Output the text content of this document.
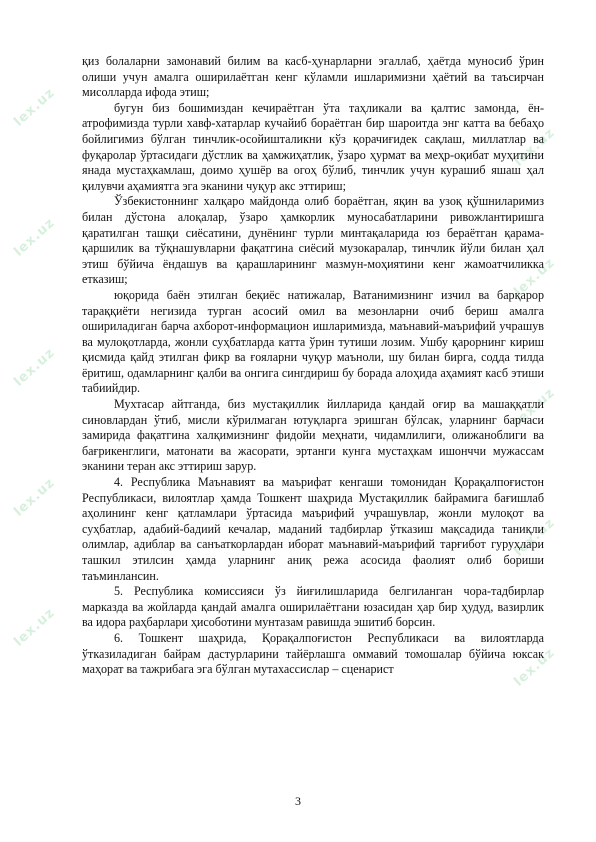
lex.uz
lex.uz
lex.uz
lex.uz
lex.uz
lex.uz
lex.uz
lex.uz
lex.uz
lex.uz

қиз болаларни замонавий билим ва касб-ҳунарларни эгаллаб, ҳаётда муносиб ўрин олиши учун амалга оширилаётган кенг кўламли ишларимизни ҳаётий ва таъсирчан мисолларда ифода этиш;

бугун биз бошимиздан кечираётган ўта таҳликали ва қалтис замонда, ён-атрофимизда турли хавф-хатарлар кучайиб бораётган бир шароитда энг катта ва бебаҳо бойлигимиз бўлган тинчлик-осойишталикни кўз қорачиғидек сақлаш, миллатлар ва фуқаролар ўртасидаги дўстлик ва ҳамжиҳатлик, ўзаро ҳурмат ва меҳр-оқибат муҳитини янада мустаҳкамлаш, доимо ҳушёр ва огоҳ бўлиб, тинчлик учун курашиб яшаш ҳал қилувчи аҳамиятга эга эканини чуқур акс эттириш;

Ўзбекистоннинг халқаро майдонда олиб бораётган, яқин ва узоқ қўшниларимиз билан дўстона алоқалар, ўзаро ҳамкорлик муносабатларини ривожлантиришга қаратилган ташқи сиёсатини, дунёнинг турли минтақаларида юз бераётган қарама-қаршилик ва тўқнашувларни фақатгина сиёсий музокаралар, тинчлик йўли билан ҳал этиш бўйича ёндашув ва қарашларининг мазмун-моҳиятини кенг жамоатчиликка етказиш;

юқорида баён этилган беқиёс натижалар, Ватанимизнинг изчил ва барқарор тараққиёти негизида турган асосий омил ва мезонларни очиб бериш амалга ошириладиган барча ахборот-информацион ишларимизда, маънавий-маърифий учрашув ва мулоқотларда, жонли суҳбатларда катта ўрин тутиши лозим. Ушбу қарорнинг кириш қисмида қайд этилган фикр ва ғояларни чуқур маъноли, шу билан бирга, содда тилда ёритиш, одамларнинг қалби ва онгига сингдириш бу борада алоҳида аҳамият касб этиши табиийдир.

Мухтасар айтганда, биз мустақиллик йилларида қандай оғир ва машаққатли синовлардан ўтиб, мисли кўрилмаган ютуқларга эришган бўлсак, уларнинг барчаси замирида фақатгина халқимизнинг фидойи меҳнати, чидамлилиги, олижаноблиги ва бағрикенглиги, матонати ва жасорати, эртанги кунга мустаҳкам ишонччи мужассам эканини теран акс эттириш зарур.

4. Республика Маънавият ва маърифат кенгаши томонидан Қорақалпоғистон Республикаси, вилоятлар ҳамда Тошкент шаҳрида Мустақиллик байрамига бағишлаб аҳолининг кенг қатламлари ўртасида маърифий учрашувлар, жонли мулоқот ва суҳбатлар, адабий-бадиий кечалар, маданий тадбирлар ўтказиш мақсадида таниқли олимлар, адиблар ва санъаткорлардан иборат маънавий-маърифий тарғибот гуруҳлари ташкил этилсин ҳамда уларнинг аниқ режа асосида фаолият олиб бориши таъминлансин.

5. Республика комиссияси ўз йиғилишларида белгиланган чора-тадбирлар марказда ва жойларда қандай амалга оширилаётгани юзасидан ҳар бир ҳудуд, вазирлик ва идора раҳбарлари ҳисоботини мунтазам равишда эшитиб борсин.

6. Тошкент шаҳрида, Қорақалпоғистон Республикаси ва вилоятларда ўтказиладиган байрам дастурларини тайёрлашга оммавий томошалар бўйича юксак маҳорат ва тажрибага эга бўлган мутахассислар – сценарист

3
